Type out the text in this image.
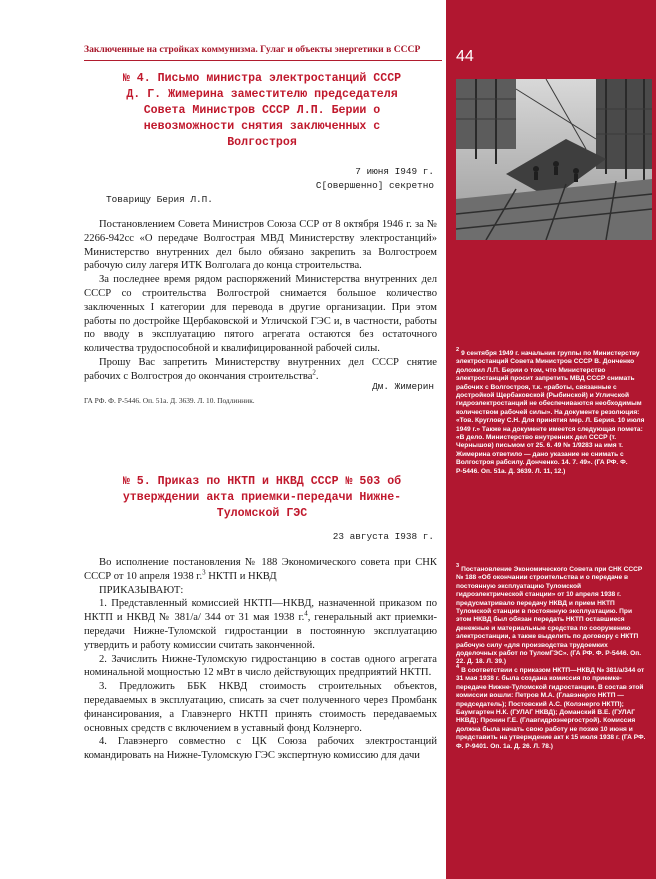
Заключенные на стройках коммунизма. Гулаг и объекты энергетики в СССР
№ 4. Письмо министра электростанций СССР
Д. Г. Жимерина заместителю председателя
Совета Министров СССР Л.П. Берии о
невозможности снятия заключенных с
Волгостроя
7 июня I949 г.
С[овершенно] секретно
Товарищу Берия Л.П.

Постановлением Совета Министров Союза ССР от 8 октября 1946 г. за № 2266-942сс «О передаче Волгострая МВД Министерству электростанций» Министерство внутренних дел было обязано закрепить за Волгостроем рабочую силу лагеря ИТК Волголага до конца строительства.

За последнее время рядом распоряжений Министерства внутренних дел СССР со строительства Волгострой снимается большое количество заключенных I категории для перевода в другие организации. При этом работы по достройке Щербаковской и Угличской ГЭС и, в частности, работы по вводу в эксплуатацию пятого агрегата остаются без остаточного количества трудоспособной и квалифицированной рабочей силы.

Прошу Вас запретить Министерству внутренних дел СССР снятие рабочих с Волгостроя до окончания строительства$^2$.

Дм. Жимерин
ГА РФ. Ф. Р-5446. Оп. 51а. Д. 3639. Л. 10. Подлинник.
№ 5. Приказ по НКТП и НКВД СССР № 503 об
утверждении акта приемки-передачи Нижне-
Туломской ГЭС
23 августа I938 г.

Во исполнение постановления № 188 Экономического совета при СНК СССР от 10 апреля 1938 г.$^3$ НКТП и НКВД

ПРИКАЗЫВАЮТ:

1. Представленный комиссией НКТП—НКВД, назначенной приказом по НКТП и НКВД № 381/а/ 344 от 31 мая 1938 г.$^4$, генеральный акт приемки-передачи Нижне-Туломской гидростанции в постоянную эксплуатацию утвердить и работу комиссии считать законченной.

2. Зачислить Нижне-Туломскую гидростанцию в состав одного агрегата номинальной мощностью 12 мВт в число действующих предприятий НКТП.

3. Предложить ББК НКВД стоимость строительных объектов, передаваемых в эксплуатацию, списать за счет полученного через Промбанк финансирования, а Главэнерго НКТП принять стоимость передаваемых основных средств с включением в уставный фонд Колэнерго.

4. Главэнерго совместно с ЦК Союза рабочих электростанций командировать на Нижне-Туломскую ГЭС экспертную комиссию для дачи

44
$^2$ 9 сентября 1949 г. начальник группы по Министерству электростанций Совета Министров СССР В. Донченко доложил Л.П. Берии о том, что Министерство электростанций просит запретить МВД СССР снимать рабочих с Волгостроя, т.к. «работы, связанные с достройкой Щербаковской (Рыбинской) и Угличской гидроэлектростанций не обеспечиваются необходимым количеством рабочей силы». На документе резолюция: «Тов. Круглову С.Н. Для принятия мер. Л. Берия. 10 июля 1949 г.» Также на документе имеется следующая помета: «В дело. Министерство внутренних дел СССР (т. Чернышов) письмом от 25. 6. 49 № 1/9283 на имя т. Жимерина ответило — дано указание не снимать с Волгостроя рабсилу. Донченко. 14. 7. 49». (ГА РФ. Ф. Р-5446. Оп. 51а. Д. 3639. Л. 11, 12.)
$^3$ Постановление Экономического Совета при СНК СССР № 188 «Об окончании строительства и о передаче в постоянную эксплуатацию Туломской гидроэлектрической станции» от 10 апреля 1938 г. предусматривало передачу НКВД и прием НКТП Туломской станции в постоянную эксплуатацию. При этом НКВД был обязан передать НКТП оставшиеся денежные и материальные средства по сооружению электростанции, а также выделить по договору с НКТП рабочую силу «для производства трудоемких доделочных работ по ТуломГЭС». (ГА РФ. Ф. Р-5446. Оп. 22. Д. 18. Л. 39.)
$^4$ В соответствии с приказом НКТП—НКВД № 381/а/344 от 31 мая 1938 г. была создана комиссия по приемке-передаче Нижне-Туломской гидростанции. В состав этой комиссии вошли: Петров М.А. (Главэнерго НКТП — председатель); Постовский А.С. (Колэнерго НКТП); Баумгартен Н.К. (ГУЛАГ НКВД); Доманский В.Е. (ГУЛАГ НКВД); Пронин Г.Е. (Главгидроэнергострой). Комиссия должна была начать свою работу не позже 10 июня и представить на утверждение акт к 15 июля 1938 г. (ГА РФ. Ф. Р-9401. Оп. 1а. Д. 26. Л. 78.)
